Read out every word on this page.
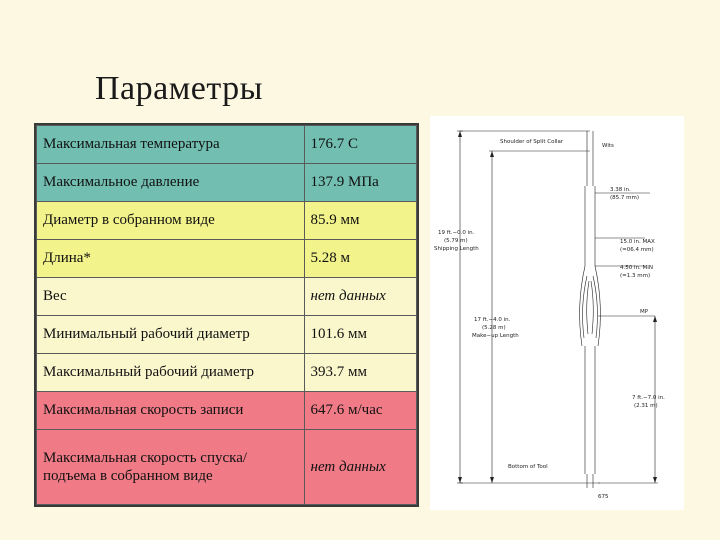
Параметры
Максимальная температура	176.7 С
Максимальное давление	137.9 МПа
Диаметр в собранном виде	85.9 мм
Длина*	5.28 м
Вес	нет данных
Минимальный рабочий диаметр	101.6 мм
Максимальный рабочий диаметр	393.7 мм
Максимальная скорость записи	647.6 м/час
Максимальная скорость спуска/подъема в собранном виде	нет данных
Shoulder of Split Collar
Wits
3.38 in.
(85.7 mm)
19 ft.−0.0 in.
(5.79 m)
Shipping Length
15.0 in. MAX
(=06.4 mm)
4.50 in. MIN
(=1.3 mm)
17 ft.−4.0 in.
(5.28 m)
Make−up Length
MP
7 ft.−7.0 in.
(2.31 m)
Bottom of Tool
675
